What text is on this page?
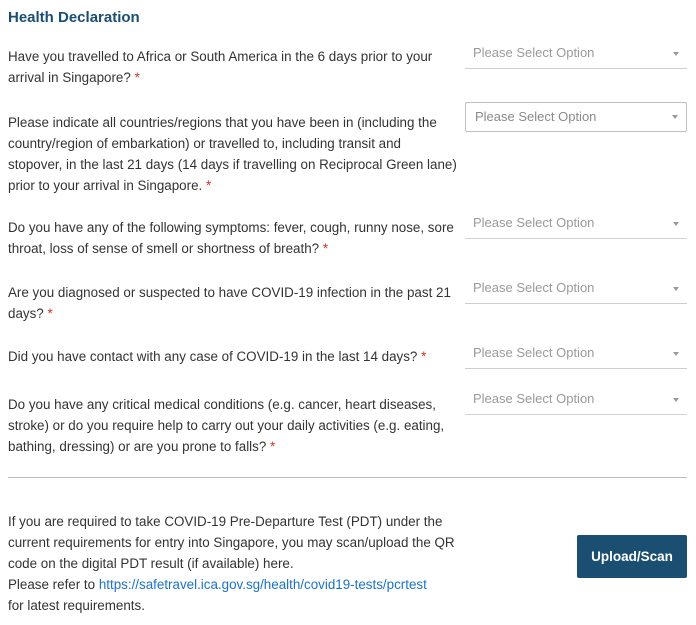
Health Declaration
Have you travelled to Africa or South America in the 6 days prior to your arrival in Singapore? *
Please Select Option
Please indicate all countries/regions that you have been in (including the country/region of embarkation) or travelled to, including transit and stopover, in the last 21 days (14 days if travelling on Reciprocal Green lane) prior to your arrival in Singapore. *
Please Select Option
Do you have any of the following symptoms: fever, cough, runny nose, sore throat, loss of sense of smell or shortness of breath? *
Please Select Option
Are you diagnosed or suspected to have COVID-19 infection in the past 21 days? *
Please Select Option
Did you have contact with any case of COVID-19 in the last 14 days? *	Please Select Option
Do you have any critical medical conditions (e.g. cancer, heart diseases, stroke) or do you require help to carry out your daily activities (e.g. eating, bathing, dressing) or are you prone to falls? *
Please Select Option
If you are required to take COVID-19 Pre-Departure Test (PDT) under the current requirements for entry into Singapore, you may scan/upload the QR code on the digital PDT result (if available) here.
Please refer to https://safetravel.ica.gov.sg/health/covid19-tests/pcrtest
for latest requirements.
Upload/Scan
